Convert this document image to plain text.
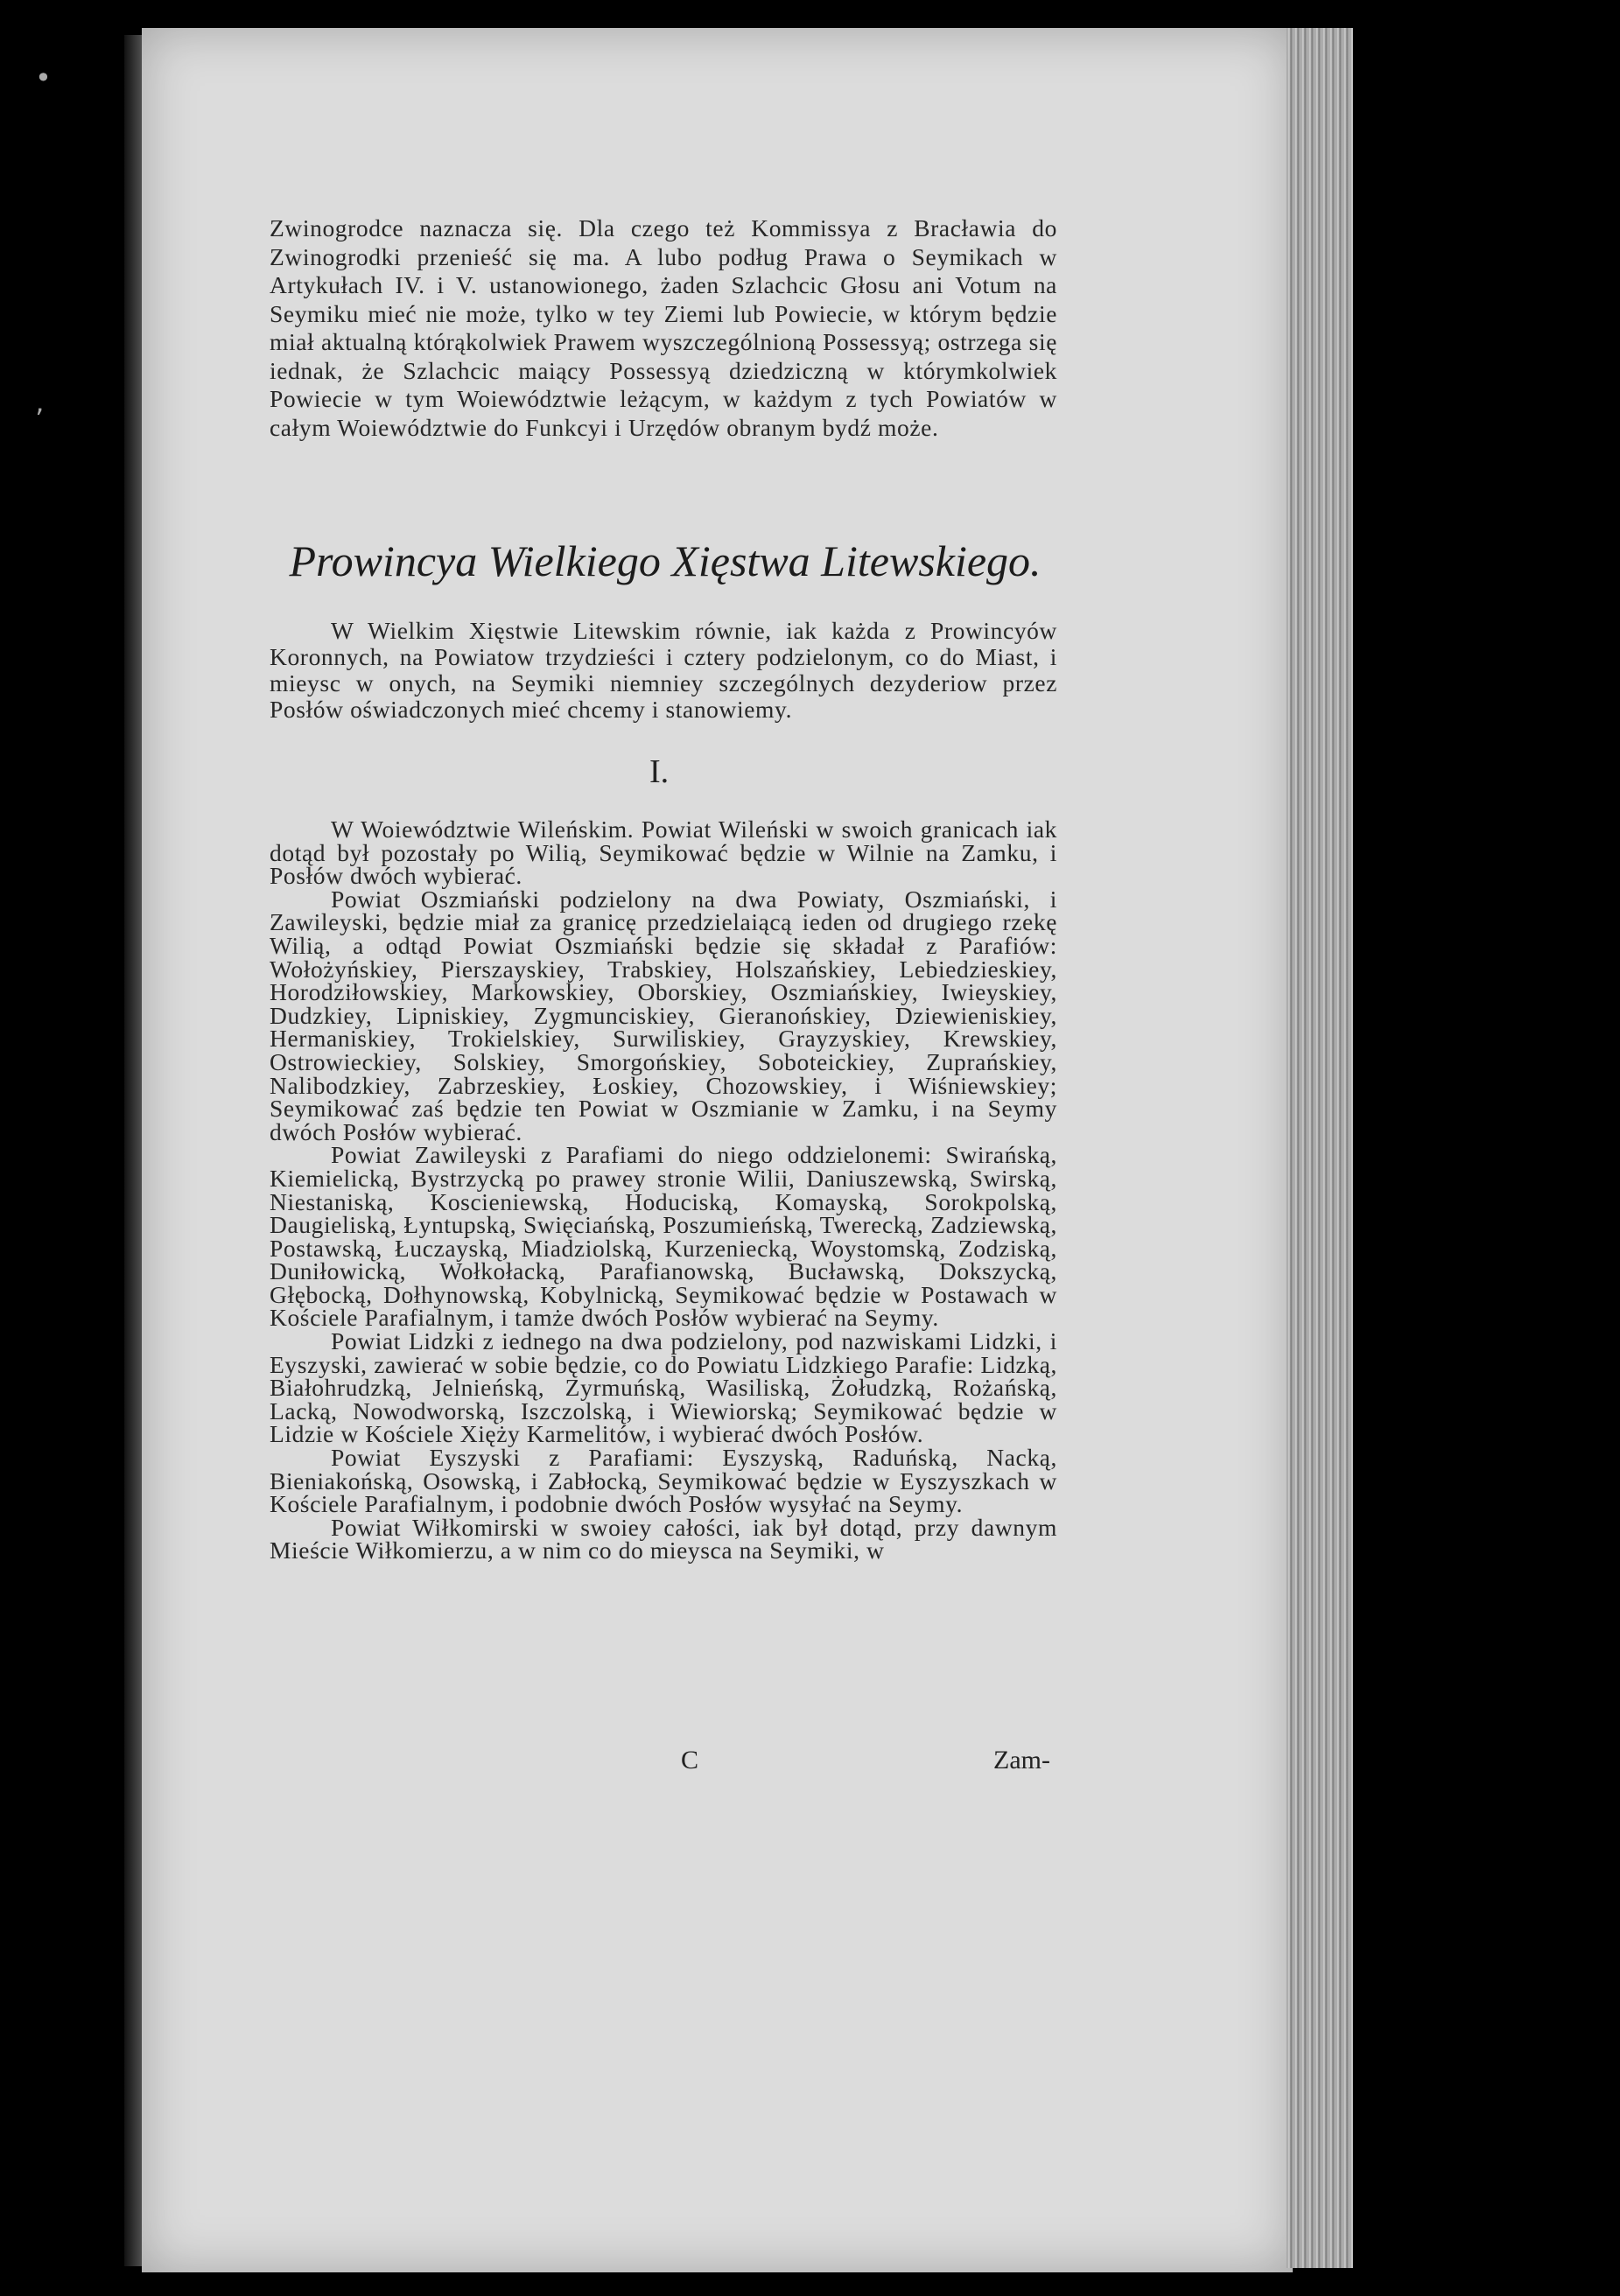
•
ʼ
Zwinogrodce naznacza się. Dla czego też Kommissya z Bracławia do Zwinogrodki przenieść się ma. A lubo podług Prawa o Seymikach w Artykułach IV. i V. ustanowionego, żaden Szlachcic Głosu ani Votum na Seymiku mieć nie może, tylko w tey Ziemi lub Powiecie, w którym będzie miał aktualną którąkolwiek Prawem wyszczególnioną Possessyą; ostrzega się iednak, że Szlachcic maiący Possessyą dziedziczną w którymkolwiek Powiecie w tym Woiewództwie leżącym, w każdym z tych Powiatów w całym Woiewództwie do Funkcyi i Urzędów obranym bydź może.
Prowincya Wielkiego Xięstwa Litewskiego.
W Wielkim Xięstwie Litewskim równie, iak każda z Prowincyów Koronnych, na Powiatow trzydzieści i cztery podzielonym, co do Miast, i mieysc w onych, na Seymiki niemniey szczególnych dezyderiow przez Posłów oświadczonych mieć chcemy i stanowiemy.
I.

W Woiewództwie Wileńskim. Powiat Wileński w swoich granicach iak dotąd był pozostały po Wilią, Seymikować będzie w Wilnie na Zamku, i Posłów dwóch wybierać.

Powiat Oszmiański podzielony na dwa Powiaty, Oszmiański, i Zawileyski, będzie miał za granicę przedzielaiącą ieden od drugiego rzekę Wilią, a odtąd Powiat Oszmiański będzie się składał z Parafiów: Wołożyńskiey, Pierszayskiey, Trabskiey, Holszańskiey, Lebiedzieskiey, Horodziłowskiey, Markowskiey, Oborskiey, Oszmiańskiey, Iwieyskiey, Dudzkiey, Lipniskiey, Zygmunciskiey, Gieranońskiey, Dziewieniskiey, Hermaniskiey, Trokielskiey, Surwiliskiey, Grayzyskiey, Krewskiey, Ostrowieckiey, Solskiey, Smorgońskiey, Soboteickiey, Zuprańskiey, Nalibodzkiey, Zabrzeskiey, Łoskiey, Chozowskiey, i Wiśniewskiey; Seymikować zaś będzie ten Powiat w Oszmianie w Zamku, i na Seymy dwóch Posłów wybierać.

Powiat Zawileyski z Parafiami do niego oddzielonemi: Swirańską, Kiemielicką, Bystrzycką po prawey stronie Wilii, Daniuszewską, Swirską, Niestaniską, Koscieniewską, Hoduciską, Komayską, Sorokpolską, Daugieliską, Łyntupską, Swięciańską, Poszumieńską, Twerecką, Zadziewską, Postawską, Łuczayską, Miadziolską, Kurzeniecką, Woystomską, Zodziską, Duniłowicką, Wołkołacką, Parafianowską, Bucławską, Dokszycką, Głębocką, Dołhynowską, Kobylnicką, Seymikować będzie w Postawach w Kościele Parafialnym, i tamże dwóch Posłów wybierać na Seymy.

Powiat Lidzki z iednego na dwa podzielony, pod nazwiskami Lidzki, i Eyszyski, zawierać w sobie będzie, co do Powiatu Lidzkiego Parafie: Lidzką, Białohrudzką, Jelnieńską, Zyrmuńską, Wasiliską, Żołudzką, Rożańską, Lacką, Nowodworską, Iszczolską, i Wiewiorską; Seymikować będzie w Lidzie w Kościele Xięży Karmelitów, i wybierać dwóch Posłów.

Powiat Eyszyski z Parafiami: Eyszyską, Raduńską, Nacką, Bieniakońską, Osowską, i Zabłocką, Seymikować będzie w Eyszyszkach w Kościele Parafialnym, i podobnie dwóch Posłów wysyłać na Seymy.

Powiat Wiłkomirski w swoiey całości, iak był dotąd, przy dawnym Mieście Wiłkomierzu, a w nim co do mieysca na Seymiki, w

C	Zam-
